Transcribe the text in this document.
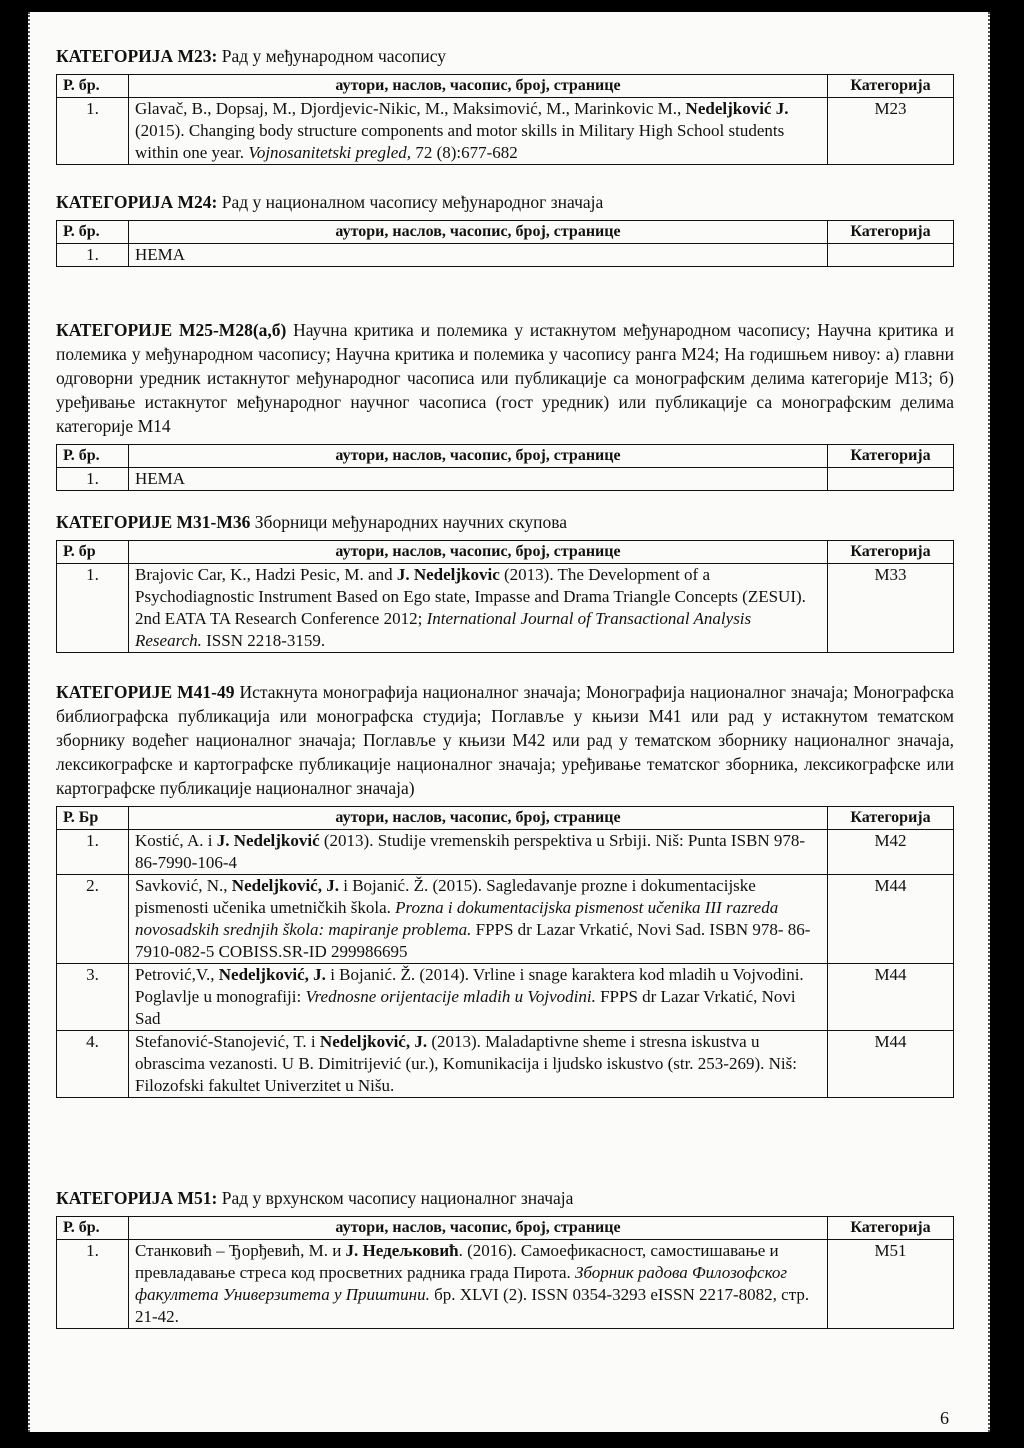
КАТЕГОРИЈА M23: Рад у међународном часопису
Р. бр.	аутори, наслов, часопис, број, странице	Категорија
1.	Glavač, B., Dopsaj, M., Djordjevic-Nikic, M., Maksimović, M., Marinkovic M., Nedeljković J. (2015). Changing body structure components and motor skills in Military High School students within one year. Vojnosanitetski pregled, 72 (8):677-682	M23
КАТЕГОРИЈА M24: Рад у националном часопису међународног значаја
Р. бр.	аутори, наслов, часопис, број, странице	Категорија
1.	НЕМА	
КАТЕГОРИЈЕ M25-M28(а,б) Научна критика и полемика у истакнутом међународном часопису; Научна критика и полемика у међународном часопису; Научна критика и полемика у часопису ранга M24; На годишњем нивоу: а) главни одговорни уредник истакнутог међународног часописа или публикације са монографским делима категорије M13; б) уређивање истакнутог међународног научног часописа (гост уредник) или публикације са монографским делима категорије M14
Р. бр.	аутори, наслов, часопис, број, странице	Категорија
1.	НЕМА	
КАТЕГОРИЈЕ M31-M36 Зборници међународних научних скупова
Р. бр	аутори, наслов, часопис, број, странице	Категорија
1.	Brajovic Car, K., Hadzi Pesic, M. and J. Nedeljkovic (2013). The Development of a Psychodiagnostic Instrument Based on Ego state, Impasse and Drama Triangle Concepts (ZESUI). 2nd EATA TA Research Conference 2012; International Journal of Transactional Analysis Research. ISSN 2218-3159.	M33
КАТЕГОРИЈЕ M41-49 Истакнута монографија националног значаја; Монографија националног значаја; Монографска библиографска публикација или монографска студија; Поглавље у књизи M41 или рад у истакнутом тематском зборнику водећег националног значаја; Поглавље у књизи M42 или рад у тематском зборнику националног значаја, лексикографске и картографске публикације националног значаја; уређивање тематског зборника, лексикографске или картографске публикације националног значаја)
Р. Бр	аутори, наслов, часопис, број, странице	Категорија
1.	Kostić, A. i J. Nedeljković (2013). Studije vremenskih perspektiva u Srbiji. Niš: Punta ISBN 978-86-7990-106-4	M42
2.	Savković, N., Nedeljković, J. i Bojanić. Ž. (2015). Sagledavanje prozne i dokumentacijske pismenosti učenika umetničkih škola. Prozna i dokumentacijska pismenost učenika III razreda novosadskih srednjih škola: mapiranje problema. FPPS dr Lazar Vrkatić, Novi Sad. ISBN 978- 86-7910-082-5 COBISS.SR-ID 299986695	M44
3.	Petrović,V., Nedeljković, J. i Bojanić. Ž. (2014). Vrline i snage karaktera kod mladih u Vojvodini. Poglavlje u monografiji: Vrednosne orijentacije mladih u Vojvodini. FPPS dr Lazar Vrkatić, Novi Sad	M44
4.	Stefanović-Stanojević, T. i Nedeljković, J. (2013). Maladaptivne sheme i stresna iskustva u obrascima vezanosti. U B. Dimitrijević (ur.), Komunikacija i ljudsko iskustvo (str. 253-269). Niš: Filozofski fakultet Univerzitet u Nišu.	M44
КАТЕГОРИЈА M51: Рад у врхунском часопису националног значаја
Р. бр.	аутори, наслов, часопис, број, странице	Категорија
1.	Станковић – Ђорђевић, М. и Ј. Недељковић. (2016). Самоефикасност, самостишавање и превладавање стреса код просветних радника града Пирота. Зборник радова Филозофског факултета Универзитета у Приштини. бр. XLVI (2). ISSN 0354-3293 eISSN 2217-8082, стр. 21-42.	M51
6
